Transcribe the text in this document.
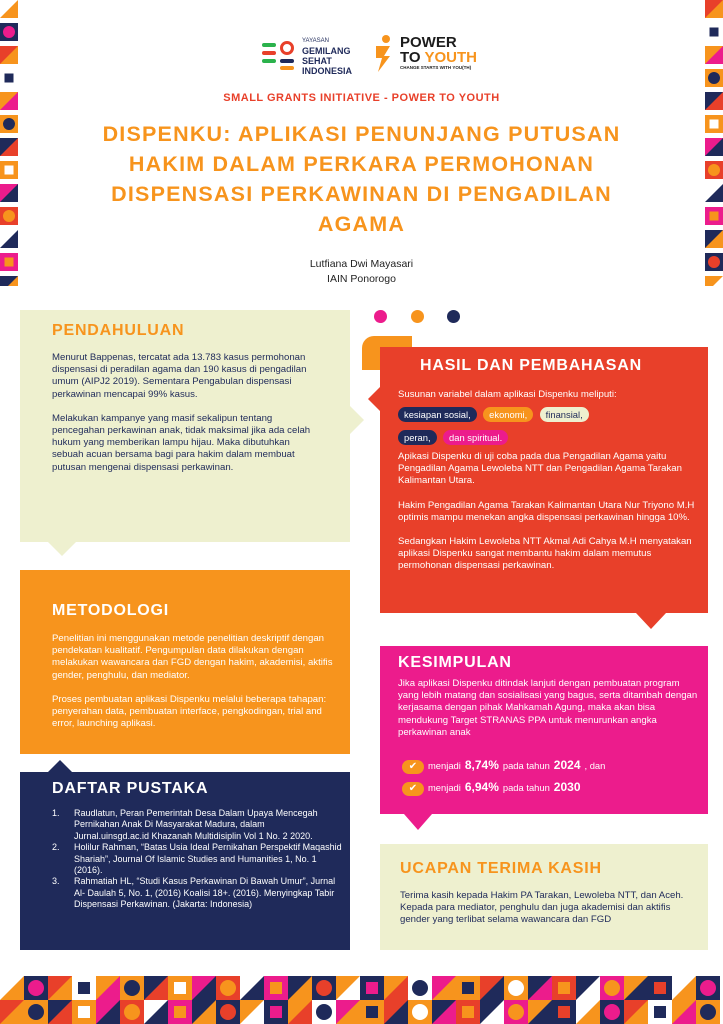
YAYASAN
GEMILANG
SEHAT
INDONESIA
POWER
TO YOUTH
CHANGE STARTS WITH YOU(TH)
SMALL GRANTS INITIATIVE - POWER TO YOUTH
DISPENKU: APLIKASI PENUNJANG PUTUSAN HAKIM DALAM PERKARA PERMOHONAN DISPENSASI PERKAWINAN DI PENGADILAN AGAMA
Lutfiana Dwi Mayasari
IAIN Ponorogo
PENDAHULUAN

Menurut Bappenas, tercatat ada 13.783 kasus permohonan dispensasi di peradilan agama dan 190 kasus di pengadilan umum (AIPJ2 2019). Sementara Pengabulan dispensasi perkawinan mencapai 99% kasus.

Melakukan kampanye yang masif sekalipun tentang pencegahan perkawinan anak, tidak maksimal jika ada celah hukum yang memberikan lampu hijau. Maka dibutuhkan sebuah acuan bersama bagi para hakim dalam membuat putusan mengenai dispensasi perkawinan.

METODOLOGI

Penelitian ini menggunakan metode penelitian deskriptif dengan pendekatan kualitatif. Pengumpulan data dilakukan dengan melakukan wawancara dan FGD dengan hakim, akademisi, aktifis gender, penghulu, dan mediator.

Proses pembuatan aplikasi Dispenku melalui beberapa tahapan: penyerahan data, pembuatan interface, pengkodingan, trial and error, launching aplikasi.

DAFTAR PUSTAKA
1.	Raudlatun, Peran Pemerintah Desa Dalam Upaya Mencegah Pernikahan Anak Di Masyarakat Madura, dalam Jurnal.uinsgd.ac.id Khazanah Multidisiplin Vol 1 No. 2 2020.
2.	Holilur Rahman, “Batas Usia Ideal Pernikahan Perspektif Maqashid Shariah”, Journal Of Islamic Studies and Humanities 1, No. 1 (2016).
3.	Rahmatiah HL, “Studi Kasus Perkawinan Di Bawah Umur”, Jurnal Al- Daulah 5, No. 1, (2016) Koalisi 18+. (2016). Menyingkap Tabir Dispensasi Perkawinan. (Jakarta: Indonesia)
HASIL DAN PEMBAHASAN

Susunan variabel dalam aplikasi Dispenku meliputi:

kesiapan sosial, ekonomi, finansial,
peran, dan spiritual.

Apikasi Dispenku di uji coba pada dua Pengadilan Agama yaitu Pengadilan Agama Lewoleba NTT dan Pengadilan Agama Tarakan Kalimantan Utara.

Hakim Pengadilan Agama Tarakan Kalimantan Utara Nur Triyono M.H optimis mampu menekan angka dispensasi perkawinan hingga 10%.

Sedangkan Hakim Lewoleba NTT Akmal Adi Cahya M.H menyatakan aplikasi Dispenku sangat membantu hakim dalam memutus permohonan dispensasi perkawinan.

KESIMPULAN

Jika aplikasi Dispenku ditindak lanjuti dengan pembuatan program yang lebih matang dan sosialisasi yang bagus, serta ditambah dengan kerjasama dengan pihak Mahkamah Agung, maka akan bisa mendukung Target STRANAS PPA untuk menurunkan angka perkawinan anak

✔	menjadi 8,74% pada tahun 2024 , dan
✔	menjadi 6,94% pada tahun 2030
UCAPAN TERIMA KASIH

Terima kasih kepada Hakim PA Tarakan, Lewoleba NTT, dan Aceh. Kepada para mediator, penghulu dan juga akademisi dan aktifis gender yang terlibat selama wawancara dan FGD
